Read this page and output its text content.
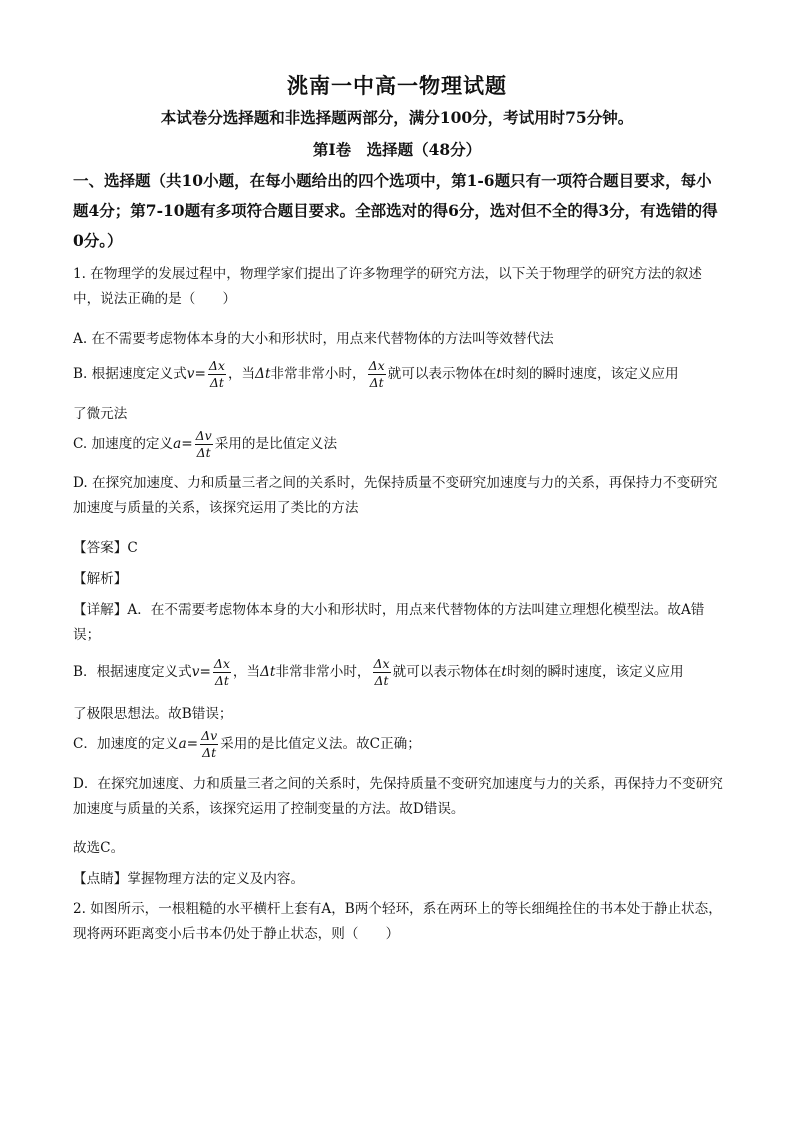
洮南一中高一物理试题
本试卷分选择题和非选择题两部分，满分100分，考试用时75分钟。
第Ⅰ卷　选择题（48分）
一、选择题（共10小题，在每小题给出的四个选项中，第1-6题只有一项符合题目要求，每小题4分；第7-10题有多项符合题目要求。全部选对的得6分，选对但不全的得3分，有选错的得0分。）
1. 在物理学的发展过程中，物理学家们提出了许多物理学的研究方法，以下关于物理学的研究方法的叙述中，说法正确的是（　　）
A. 在不需要考虑物体本身的大小和形状时，用点来代替物体的方法叫等效替代法
B. 根据速度定义式$v= \frac{\Delta x}{\Delta t}$ ，当Δt非常非常小时， $\frac{\Delta x}{\Delta t}$ 就可以表示物体在t时刻的瞬时速度，该定义应用
了微元法
C. 加速度的定义$a= \frac{\Delta v}{\Delta t}$ 采用的是比值定义法
D. 在探究加速度、力和质量三者之间的关系时，先保持质量不变研究加速度与力的关系，再保持力不变研究加速度与质量的关系，该探究运用了类比的方法
【答案】C
【解析】
【详解】A．在不需要考虑物体本身的大小和形状时，用点来代替物体的方法叫建立理想化模型法。故A错误；
B．根据速度定义式$v= \frac{\Delta x}{\Delta t}$ ，当Δt非常非常小时， $\frac{\Delta x}{\Delta t}$ 就可以表示物体在t时刻的瞬时速度，该定义应用
了极限思想法。故B错误；
C．加速度的定义$a= \frac{\Delta v}{\Delta t}$ 采用的是比值定义法。故C正确；
D．在探究加速度、力和质量三者之间的关系时，先保持质量不变研究加速度与力的关系，再保持力不变研究加速度与质量的关系，该探究运用了控制变量的方法。故D错误。
故选C。
【点睛】掌握物理方法的定义及内容。
2. 如图所示，一根粗糙的水平横杆上套有A，B两个轻环，系在两环上的等长细绳拴住的书本处于静止状态，现将两环距离变小后书本仍处于静止状态，则（　　）
